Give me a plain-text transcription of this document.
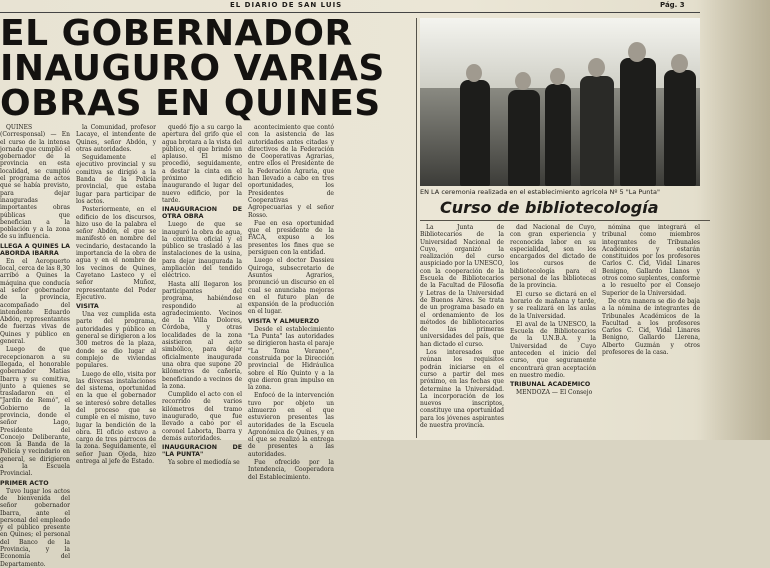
EL DIARIO DE SAN LUIS	Pág. 3
EL GOBERNADOR
INAUGURO VARIAS
OBRAS EN QUINES
EN LA ceremonia realizada en el establecimiento agrícola Nº 5 "La Punta"
Curso de bibliotecología

QUINES (Corresponsal) — En el curso de la intensa jornada que cumplió el gobernador de la provincia en esta localidad, se cumplió el programa de actos que se había previsto, para dejar inauguradas importantes obras públicas que benefician a la población y a la zona de su influencia.

LLEGA A QUINES LA ABORDA IBARRA

En el Aeropuerto local, cerca de las 8,30 arribó a Quines la máquina que conducía al señor gobernador de la provincia, acompañado del intendente Eduardo Abdón, representantes de fuerzas vivas de Quines y público en general.

Luego de que recepcionaron a su llegada, el honorable gobernador Matías Ibarra y su comitiva, junto a quienes se trasladaron en el "Jardín de Remó", el Gobierno de la provincia, donde el señor Lago, Presidente del Concejo Deliberante, con la Banda de la Policía y vecindario en general, se dirigieron a la Escuela Provincial.

PRIMER ACTO

Tuvo lugar los actos de bienvenida del señor gobernador Ibarra, ante el personal del empleado y el público presente en Quines; el personal del Banco de la Provincia, y la Economía del Departamento.

la Comunidad, profesor Lacaye, el intendente de Quines, señor Abdón, y otras autoridades.

Seguidamente el ejecutivo provincial y su comitiva se dirigió a la Banda de la Policía provincial, que estaba lugar para participar de los actos.

Posteriormente, en el edificio de los discursos, hizo uso de la palabra el señor Abdón, el que se manifestó en nombre del vecindario, destacando la importancia de la obra de agua y en el nombre de los vecinos de Quines, Cayetano Lasteco y el señor Muñoz, representante del Poder Ejecutivo.

VISITA

Una vez cumplida esta parte del programa, autoridades y público en general se dirigieron a los 300 metros de la plaza, donde se dio lugar al complejo de viviendas populares.

Luego de ello, visita por las diversas instalaciones del sistema, oportunidad en la que el gobernador se interesó sobre detalles del proceso que se cumple en el mismo, tuvo lugar la bendición de la obra. El oficio estuvo a cargo de tres párrocos de la zona. Seguidamente, el señor Juan Ojeda, hizo entrega al jefe de Estado.

quedó fijo a su cargo la apertura del grifo que el agua brotara a la vista del público, el que brindó un aplauso. El mismo procedió, seguidamente, a destar la cinta en el próximo edificio inaugurando el lugar del nuevo edificio, por la tarde.

INAUGURACION DE OTRA OBRA

Luego de que se inauguró la obra de agua, la comitiva oficial y el público se trasladó a las instalaciones de la usina, para dejar inaugurada la ampliación del tendido eléctrico.

Hasta allí llegaron los participantes del programa, habiéndose respondido al agradecimiento. Vecinos de la Villa Dolores, Córdoba, y otras localidades de la zona asistieron al acto simbólico, para dejar oficialmente inaugurada una obra que supone 20 kilómetros de cañería, beneficiando a vecinos de la zona.

Cumplido el acto con el recorrido de varios kilómetros del tramo inaugurado, que fue llevado a cabo por el coronel Laborta, Ibarra y demás autoridades.

INAUGURACION DE "LA PUNTA"

Ya sobre el mediodía se

acontecimiento que contó con la asistencia de las autoridades antes citadas y directivos de la Federación de Cooperativas Agrarias, entre ellos el Presidente de la Federación Agraria, que han llevado a cabo en tres oportunidades, los Presidentes de Cooperativas Agropecuarias y el señor Rosso.

Fue en esa oportunidad que el presidente de la FACA, expuso a los presentes los fines que se persiguen con la entidad.

Luego el doctor Dassieu Quiroga, subsecretario de Asuntos Agrarios, pronunció un discurso en el cual se anunciaba mejoras en el futuro plan de expansión de la producción en el lugar.

VISITA Y ALMUERZO

Desde el establecimiento "La Punta" las autoridades se dirigieron hasta el paraje "La Toma Veraneo", construida por la Dirección provincial de Hidráulica sobre el Río Quinto y a la que dieron gran impulso en la zona.

Enfocó de la intervención tuvo por objeto un almuerzo en el que estuvieron presentes las autoridades de la Escuela Agronómica de Quines, y en el que se realizó la entrega de presentes a las autoridades.

Fue ofrecido por la Intendencia, Cooperadora del Establecimiento.

La Junta de Bibliotecarios de la Universidad Nacional de Cuyo, organizó la realización del curso auspiciado por la UNESCO, con la cooperación de la Escuela de Bibliotecarios de la Facultad de Filosofía y Letras de la Universidad de Buenos Aires. Se trata de un programa basado en el ordenamiento de los métodos de bibliotecarios de las primeras universidades del país, que han dictado el curso.

Los interesados que reúnan los requisitos podrán iniciarse en el curso a partir del mes próximo, en las fechas que determine la Universidad. La incorporación de los nuevos inscriptos, constituye una oportunidad para los jóvenes aspirantes de nuestra provincia.

dad Nacional de Cuyo, con gran experiencia y reconocida labor en su especialidad, son los encargados del dictado de los cursos de bibliotecología para el personal de las bibliotecas de la provincia.

El curso se dictará en el horario de mañana y tarde, y se realizará en las aulas de la Universidad.

El aval de la UNESCO, la Escuela de Bibliotecarios de la U.N.B.A. y la Universidad de Cuyo anteceden el inicio del curso, que seguramente encontrará gran aceptación en nuestro medio.

TRIBUNAL ACADEMICO

MENDOZA — El Consejo

nómina que integrará el tribunal como miembros integrantes de Tribunales Académicos y estarán constituidos por los profesores Carlos C. Cid, Vidal Linares Benigno, Gallardo Llanos y otros como suplentes, conforme a lo resuelto por el Consejo Superior de la Universidad.

De otra manera se dio de baja a la nómina de integrantes de Tribunales Académicos de la Facultad a los profesores Carlos C. Cid, Vidal Linares Benigno, Gallardo Llerena, Alberto Guzmán y otros profesores de la casa.
